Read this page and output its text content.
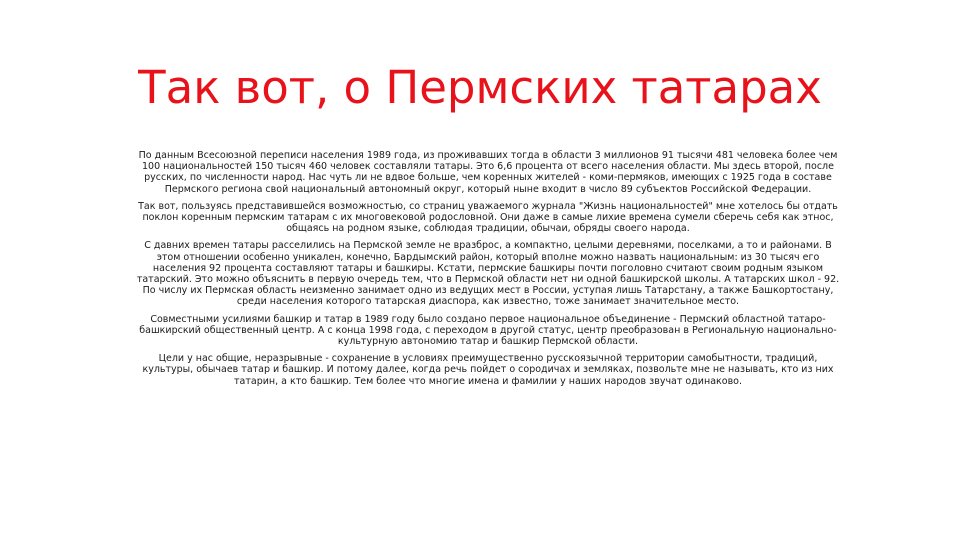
Так вот, о Пермских татарах

По данным Всесоюзной переписи населения 1989 года, из проживавших тогда в области 3 миллионов 91 тысячи 481 человека более чем 100 национальностей 150 тысяч 460 человек составляли татары. Это 6,6 процента от всего населения области. Мы здесь второй, после русских, по численности народ. Нас чуть ли не вдвое больше, чем коренных жителей - коми-пермяков, имеющих с 1925 года в составе Пермского региона свой национальный автономный округ, который ныне входит в число 89 субъектов Российской Федерации.

Так вот, пользуясь представившейся возможностью, со страниц уважаемого журнала "Жизнь национальностей" мне хотелось бы отдать поклон коренным пермским татарам с их многовековой родословной. Они даже в самые лихие времена сумели сберечь себя как этнос, общаясь на родном языке, соблюдая традиции, обычаи, обряды своего народа.

С давних времен татары расселились на Пермской земле не вразброс, а компактно, целыми деревнями, поселками, а то и районами. В этом отношении особенно уникален, конечно, Бардымский район, который вполне можно назвать национальным: из 30 тысяч его населения 92 процента составляют татары и башкиры. Кстати, пермские башкиры почти поголовно считают своим родным языком татарский. Это можно объяснить в первую очередь тем, что в Пермской области нет ни одной башкирской школы. А татарских школ - 92. По числу их Пермская область неизменно занимает одно из ведущих мест в России, уступая лишь Татарстану, а также Башкортостану, среди населения которого татарская диаспора, как известно, тоже занимает значительное место.

Совместными усилиями башкир и татар в 1989 году было создано первое национальное объединение - Пермский областной татаро-башкирский общественный центр. А с конца 1998 года, с переходом в другой статус, центр преобразован в Региональную национально-культурную автономию татар и башкир Пермской области.

Цели у нас общие, неразрывные - сохранение в условиях преимущественно русскоязычной территории самобытности, традиций, культуры, обычаев татар и башкир. И потому далее, когда речь пойдет о сородичах и земляках, позвольте мне не называть, кто из них татарин, а кто башкир. Тем более что многие имена и фамилии у наших народов звучат одинаково.
